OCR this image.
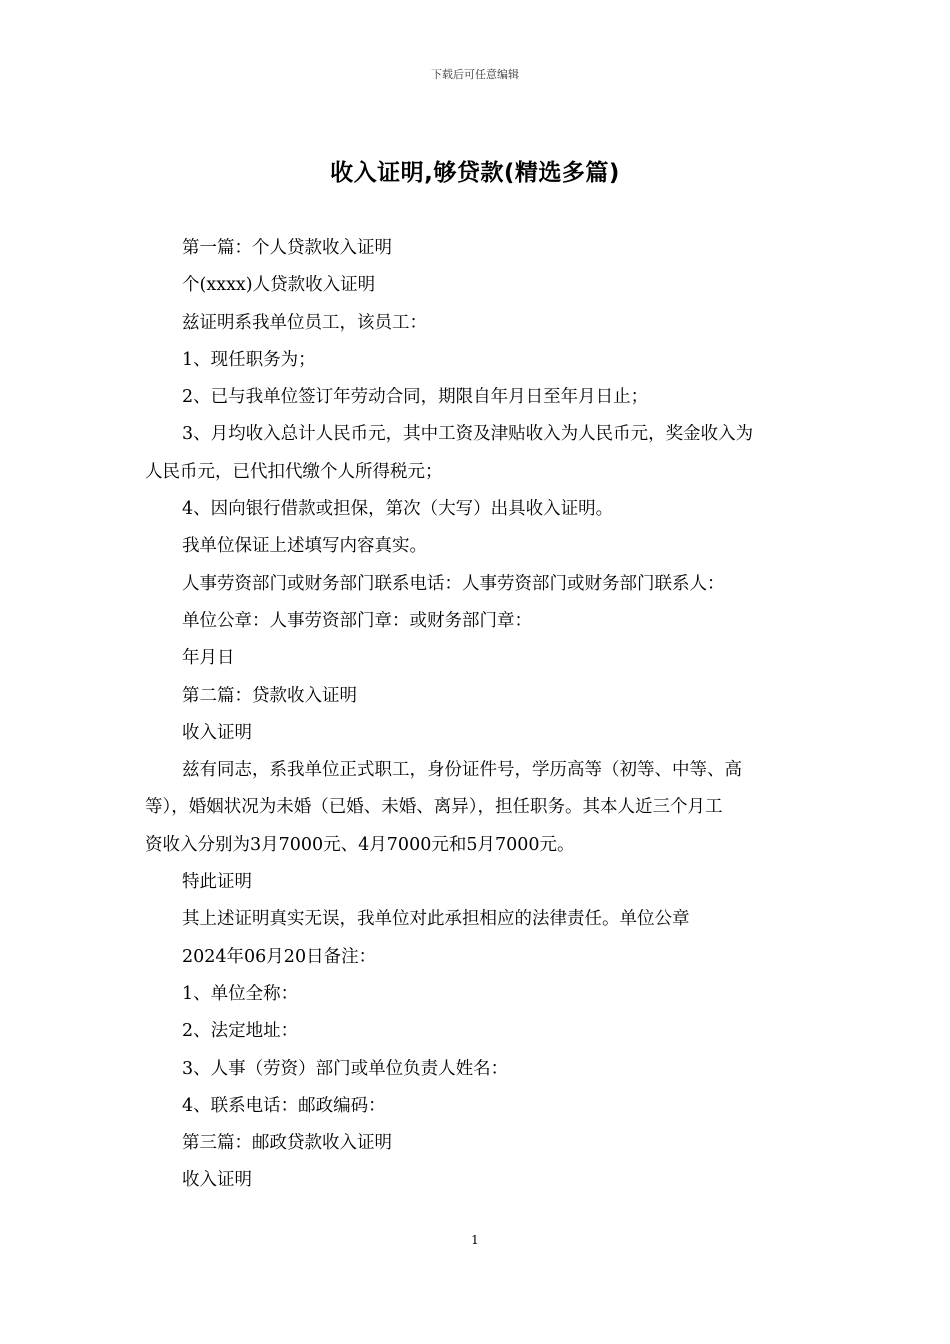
下载后可任意编辑
收入证明,够贷款(精选多篇)
第一篇：个人贷款收入证明
个(xxxx)人贷款收入证明
兹证明系我单位员工，该员工：
1、现任职务为；
2、已与我单位签订年劳动合同，期限自年月日至年月日止；
3、月均收入总计人民币元，其中工资及津贴收入为人民币元，奖金收入为
人民币元，已代扣代缴个人所得税元；
4、因向银行借款或担保，第次（大写）出具收入证明。
我单位保证上述填写内容真实。
人事劳资部门或财务部门联系电话：人事劳资部门或财务部门联系人：
单位公章：人事劳资部门章：或财务部门章：
年月日
第二篇：贷款收入证明
收入证明
兹有同志，系我单位正式职工，身份证件号，学历高等（初等、中等、高
等），婚姻状况为未婚（已婚、未婚、离异），担任职务。其本人近三个月工
资收入分别为3月7000元、4月7000元和5月7000元。
特此证明
其上述证明真实无误，我单位对此承担相应的法律责任。单位公章
2024年06月20日备注：
1、单位全称：
2、法定地址：
3、人事（劳资）部门或单位负责人姓名：
4、联系电话：邮政编码：
第三篇：邮政贷款收入证明
收入证明
1
